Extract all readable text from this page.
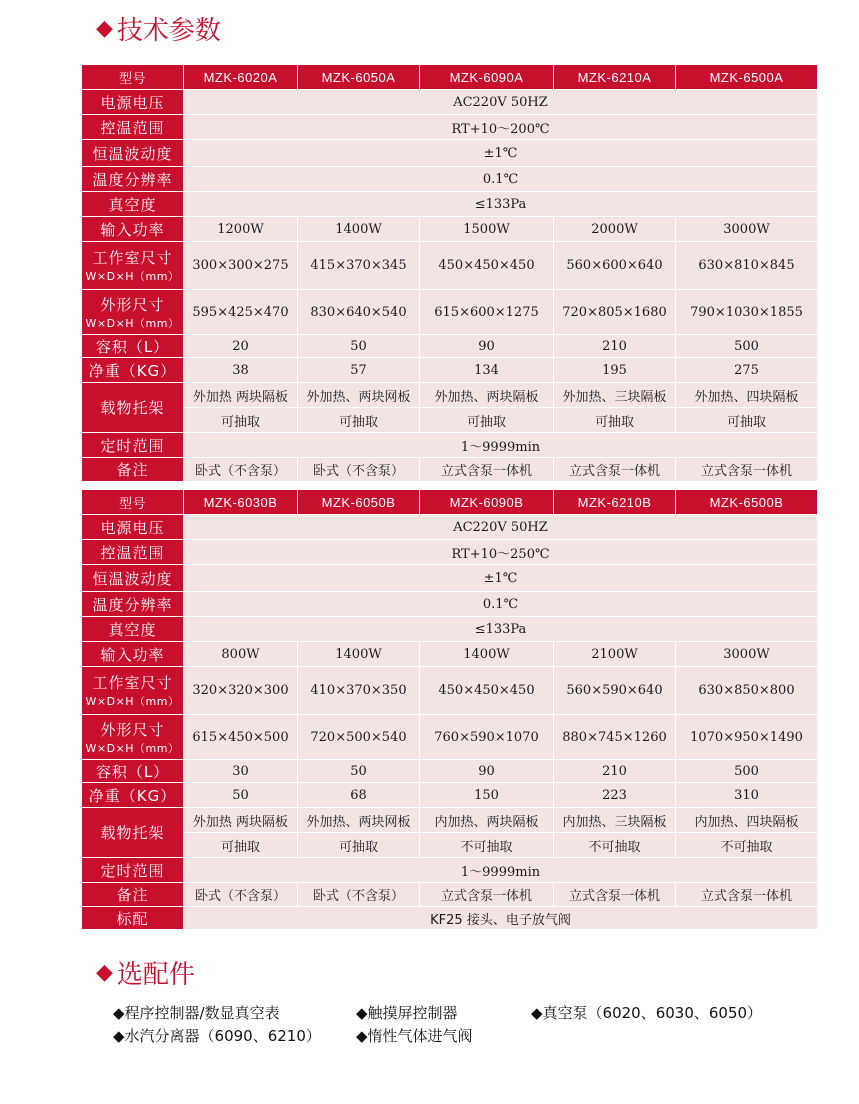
◆ 技术参数
型号	MZK-6020A	MZK-6050A	MZK-6090A	MZK-6210A	MZK-6500A
电源电压	AC220V 50HZ				
控温范围	RT+10～200℃				
恒温波动度	±1℃				
温度分辨率	0.1℃				
真空度	≤133Pa				
输入功率	1200W	1400W	1500W	2000W	3000W
工作室尺寸
W×D×H（mm）	300×300×275	415×370×345	450×450×450	560×600×640	630×810×845
外形尺寸
W×D×H（mm）	595×425×470	830×640×540	615×600×1275	720×805×1680	790×1030×1855
容积（L）	20	50	90	210	500
净重（KG）	38	57	134	195	275
载物托架	外加热 两块隔板	外加热、两块网板	外加热、两块隔板	外加热、三块隔板	外加热、四块隔板
	可抽取	可抽取	可抽取	可抽取	可抽取
定时范围	1～9999min				
备注	卧式（不含泵）	卧式（不含泵）	立式含泵一体机	立式含泵一体机	立式含泵一体机
型号	MZK-6030B	MZK-6050B	MZK-6090B	MZK-6210B	MZK-6500B
电源电压	AC220V 50HZ				
控温范围	RT+10～250℃				
恒温波动度	±1℃				
温度分辨率	0.1℃				
真空度	≤133Pa				
输入功率	800W	1400W	1400W	2100W	3000W
工作室尺寸
W×D×H（mm）	320×320×300	410×370×350	450×450×450	560×590×640	630×850×800
外形尺寸
W×D×H（mm）	615×450×500	720×500×540	760×590×1070	880×745×1260	1070×950×1490
容积（L）	30	50	90	210	500
净重（KG）	50	68	150	223	310
载物托架	外加热 两块隔板	外加热、两块网板	内加热、两块隔板	内加热、三块隔板	内加热、四块隔板
	可抽取	可抽取	不可抽取	不可抽取	不可抽取
定时范围	1～9999min				
备注	卧式（不含泵）	卧式（不含泵）	立式含泵一体机	立式含泵一体机	立式含泵一体机
标配	KF25 接头、电子放气阀				
◆ 选配件
◆程序控制器/数显真空表	◆触摸屏控制器	◆真空泵（6020、6030、6050）
◆水汽分离器（6090、6210） ◆惰性气体进气阀
